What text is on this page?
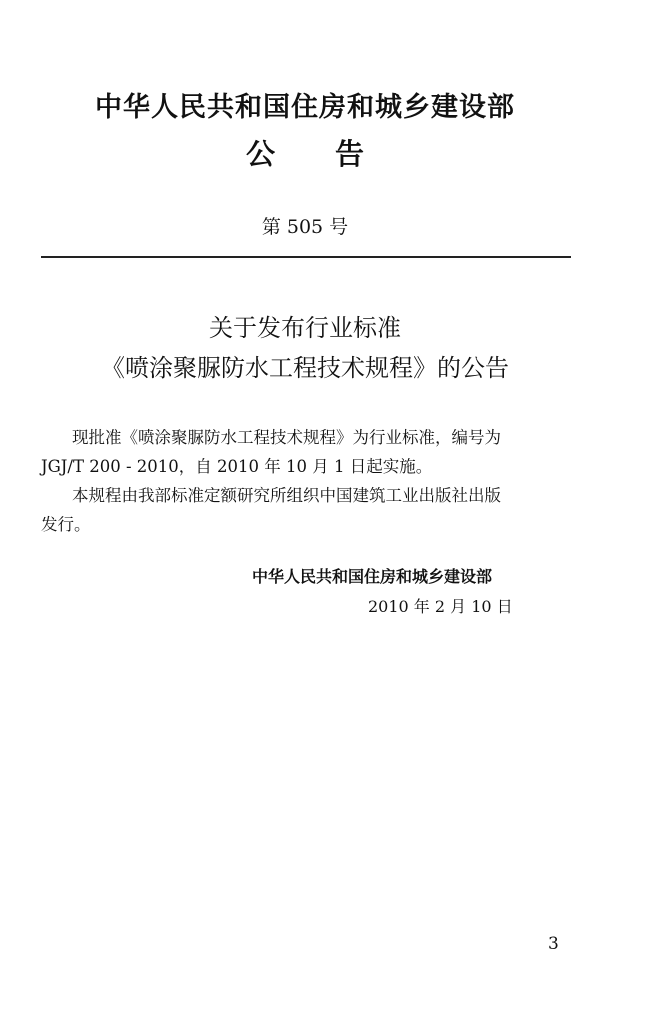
中华人民共和国住房和城乡建设部
公 告
第 505 号
关于发布行业标准
《喷涂聚脲防水工程技术规程》的公告
现批准《喷涂聚脲防水工程技术规程》为行业标准，编号为
JGJ/T 200 - 2010，自 2010 年 10 月 1 日起实施。
本规程由我部标准定额研究所组织中国建筑工业出版社出版
发行。
中华人民共和国住房和城乡建设部
2010 年 2 月 10 日
3
